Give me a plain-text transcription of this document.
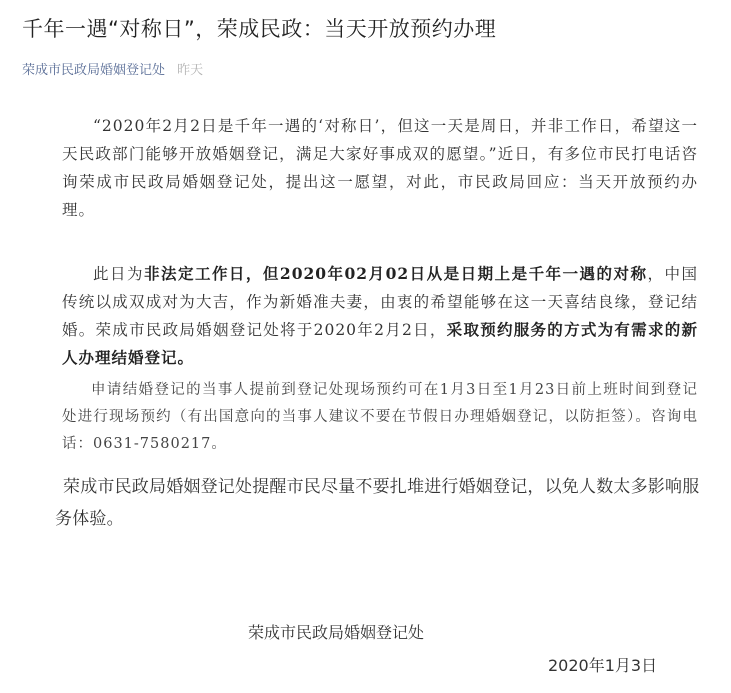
千年一遇“对称日”，荣成民政：当天开放预约办理
荣成市民政局婚姻登记处 昨天

“2020年2月2日是千年一遇的‘对称日’，但这一天是周日，并非工作日，希望这一天民政部门能够开放婚姻登记，满足大家好事成双的愿望。”近日，有多位市民打电话咨询荣成市民政局婚姻登记处，提出这一愿望，对此，市民政局回应：当天开放预约办理。

此日为非法定工作日，但2020年02月02日从是日期上是千年一遇的对称，中国传统以成双成对为大吉，作为新婚准夫妻，由衷的希望能够在这一天喜结良缘，登记结婚。荣成市民政局婚姻登记处将于2020年2月2日，采取预约服务的方式为有需求的新人办理结婚登记。

申请结婚登记的当事人提前到登记处现场预约可在1月3日至1月23日前上班时间到登记处进行现场预约（有出国意向的当事人建议不要在节假日办理婚姻登记，以防拒签）。咨询电话：0631-7580217。

荣成市民政局婚姻登记处提醒市民尽量不要扎堆进行婚姻登记，以免人数太多影响服务体验。

荣成市民政局婚姻登记处
2020年1月3日
